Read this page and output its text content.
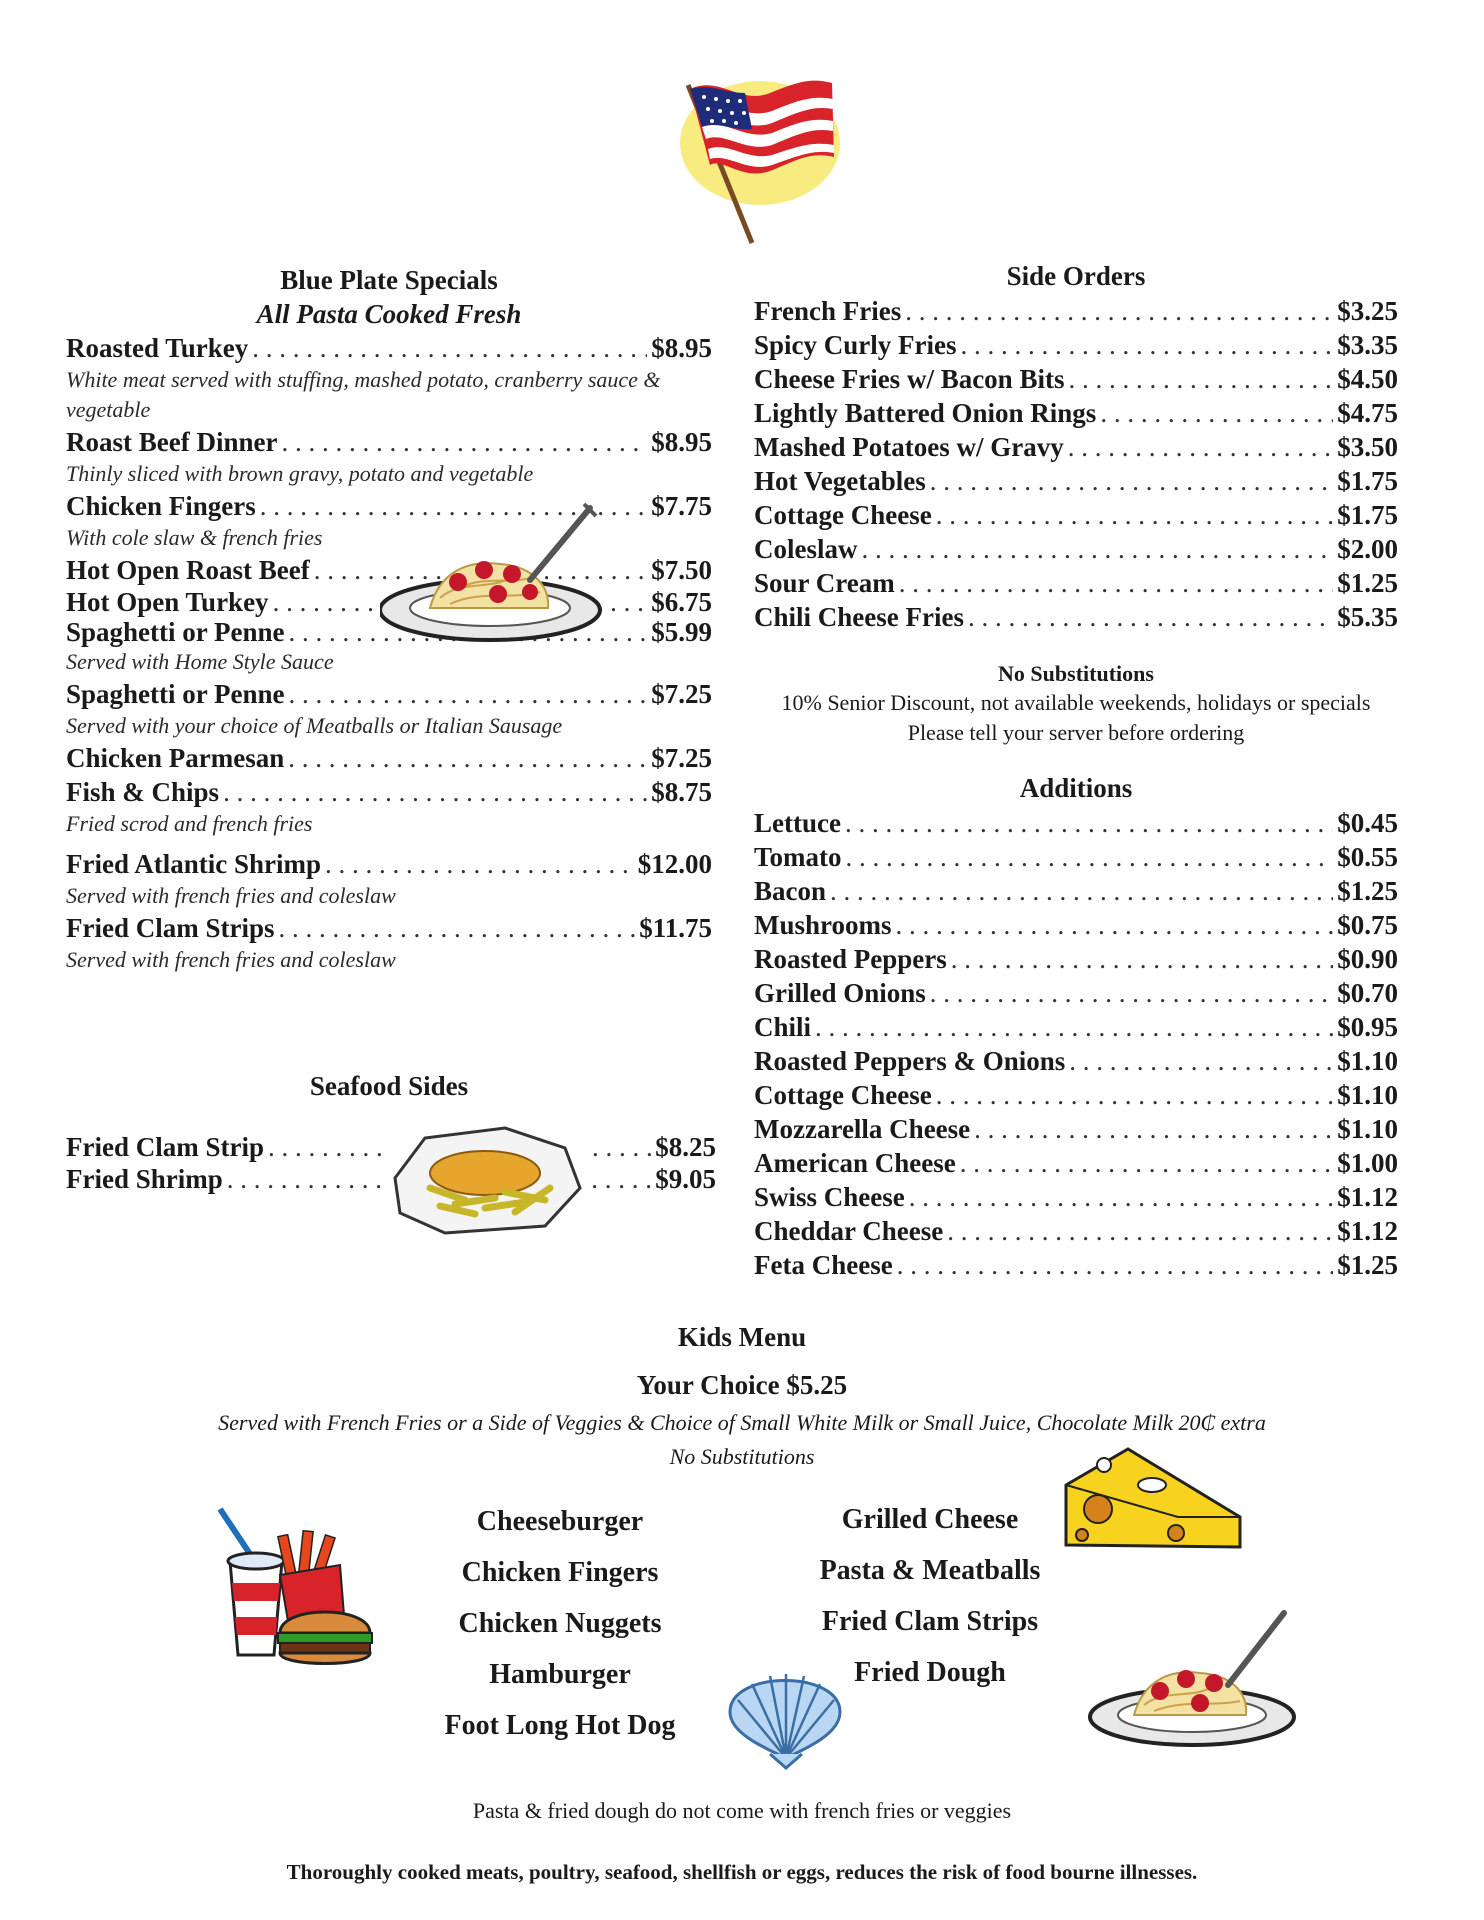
Blue Plate Specials
All Pasta Cooked Fresh
Roasted Turkey . . .	$8.95
White meat served with stuffing, mashed potato, cranberry sauce & vegetable
Roast Beef Dinner . . .	$8.95
Thinly sliced with brown gravy, potato and vegetable
Chicken Fingers . . .	$7.75
With cole slaw & french fries
Hot Open Roast Beef . . .	$7.50
Hot Open Turkey . . .	$6.75
Spaghetti or Penne . . .	$5.99
Served with Home Style Sauce
Spaghetti or Penne . . .	$7.25
Served with your choice of Meatballs or Italian Sausage
Chicken Parmesan . . .	$7.25
Fish & Chips . . .	$8.75
Fried scrod and french fries
Fried Atlantic Shrimp . . .	$12.00
Served with french fries and coleslaw
Fried Clam Strips . . .	$11.75
Served with french fries and coleslaw
Seafood Sides
Fried Clam Strip . . .	$8.25
Fried Shrimp . . .	$9.05
Side Orders
French Fries . . .	$3.25
Spicy Curly Fries . . .	$3.35
Cheese Fries w/ Bacon Bits . . .	$4.50
Lightly Battered Onion Rings . . .	$4.75
Mashed Potatoes w/ Gravy . . .	$3.50
Hot Vegetables . . .	$1.75
Cottage Cheese . . .	$1.75
Coleslaw . . .	$2.00
Sour Cream . . .	$1.25
Chili Cheese Fries . . .	$5.35
No Substitutions
10% Senior Discount, not available weekends, holidays or specials
Please tell your server before ordering
Additions
Lettuce . . .	$0.45
Tomato . . .	$0.55
Bacon . . .	$1.25
Mushrooms . . .	$0.75
Roasted Peppers . . .	$0.90
Grilled Onions . . .	$0.70
Chili . . .	$0.95
Roasted Peppers & Onions . . .	$1.10
Cottage Cheese . . .	$1.10
Mozzarella Cheese . . .	$1.10
American Cheese . . .	$1.00
Swiss Cheese . . .	$1.12
Cheddar Cheese . . .	$1.12
Feta Cheese . . .	$1.25
Kids Menu
Your Choice $5.25
Served with French Fries or a Side of Veggies & Choice of Small White Milk or Small Juice, Chocolate Milk 20₵ extra
No Substitutions
Cheeseburger
Chicken Fingers
Chicken Nuggets
Hamburger
Foot Long Hot Dog
Grilled Cheese
Pasta & Meatballs
Fried Clam Strips
Fried Dough
Pasta & fried dough do not come with french fries or veggies
Thoroughly cooked meats, poultry, seafood, shellfish or eggs, reduces the risk of food bourne illnesses.
